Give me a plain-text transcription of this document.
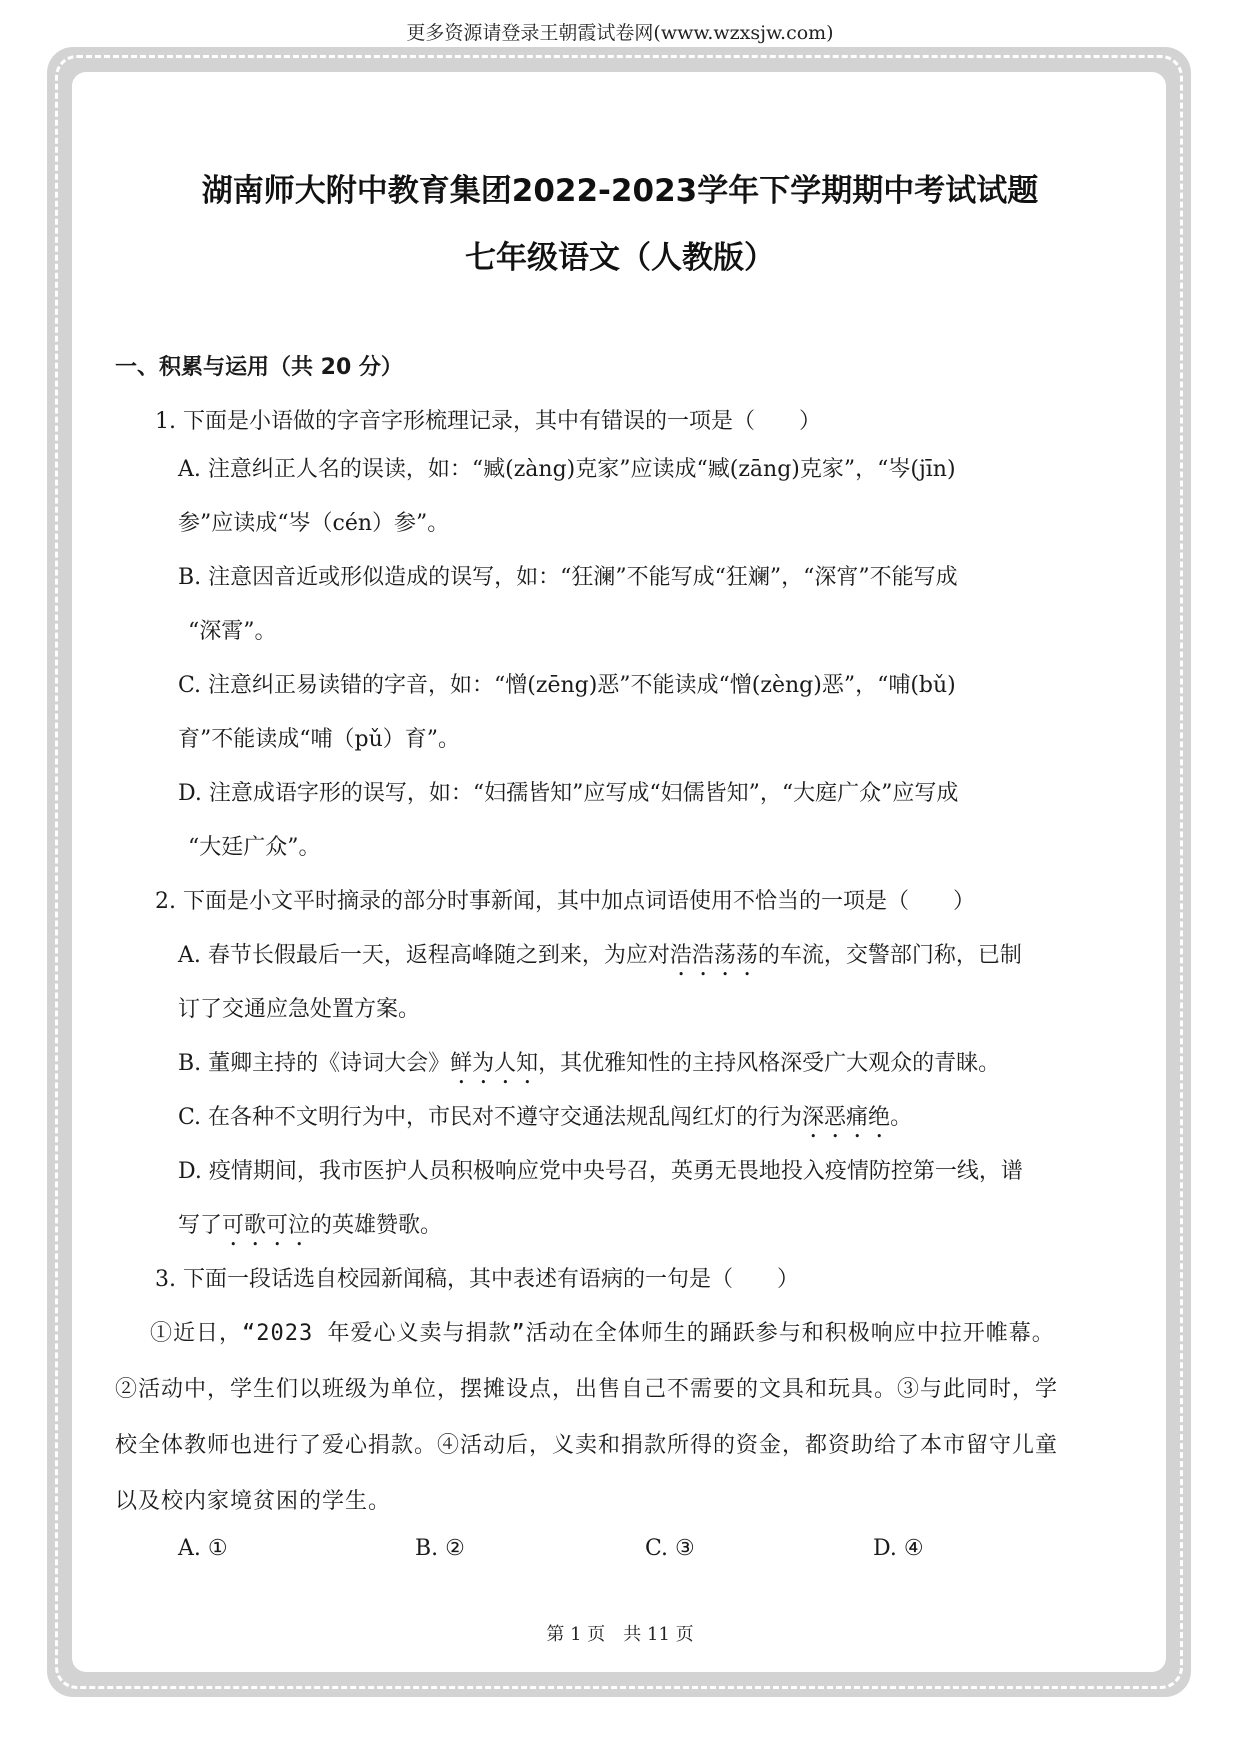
更多资源请登录王朝霞试卷网(www.wzxsjw.com)
湖南师大附中教育集团2022-2023学年下学期期中考试试题
七年级语文（人教版）
一、积累与运用（共 20 分）
1. 下面是小语做的字音字形梳理记录，其中有错误的一项是（　　）
A. 注意纠正人名的误读，如：“臧(zàng)克家”应读成“臧(zāng)克家”，“岑(jīn)
参”应读成“岑（cén）参”。
B. 注意因音近或形似造成的误写，如：“狂澜”不能写成“狂斓”，“深宵”不能写成
“深霄”。
C. 注意纠正易读错的字音，如：“憎(zēng)恶”不能读成“憎(zèng)恶”，“哺(bǔ)
育”不能读成“哺（pǔ）育”。
D. 注意成语字形的误写，如：“妇孺皆知”应写成“妇儒皆知”，“大庭广众”应写成
“大廷广众”。
2. 下面是小文平时摘录的部分时事新闻，其中加点词语使用不恰当的一项是（　　）
A. 春节长假最后一天，返程高峰随之到来，为应对浩浩荡荡的车流，交警部门称，已制
订了交通应急处置方案。
B. 董卿主持的《诗词大会》鲜为人知，其优雅知性的主持风格深受广大观众的青睐。
C. 在各种不文明行为中，市民对不遵守交通法规乱闯红灯的行为深恶痛绝。
D. 疫情期间，我市医护人员积极响应党中央号召，英勇无畏地投入疫情防控第一线，谱
写了可歌可泣的英雄赞歌。
3. 下面一段话选自校园新闻稿，其中表述有语病的一句是（　　）
①近日，“2023 年爱心义卖与捐款”活动在全体师生的踊跃参与和积极响应中拉开帷幕。
②活动中，学生们以班级为单位，摆摊设点，出售自己不需要的文具和玩具。③与此同时，学
校全体教师也进行了爱心捐款。④活动后，义卖和捐款所得的资金，都资助给了本市留守儿童
以及校内家境贫困的学生。
A. ①	B. ②	C. ③	D. ④
第 1 页　共 11 页
